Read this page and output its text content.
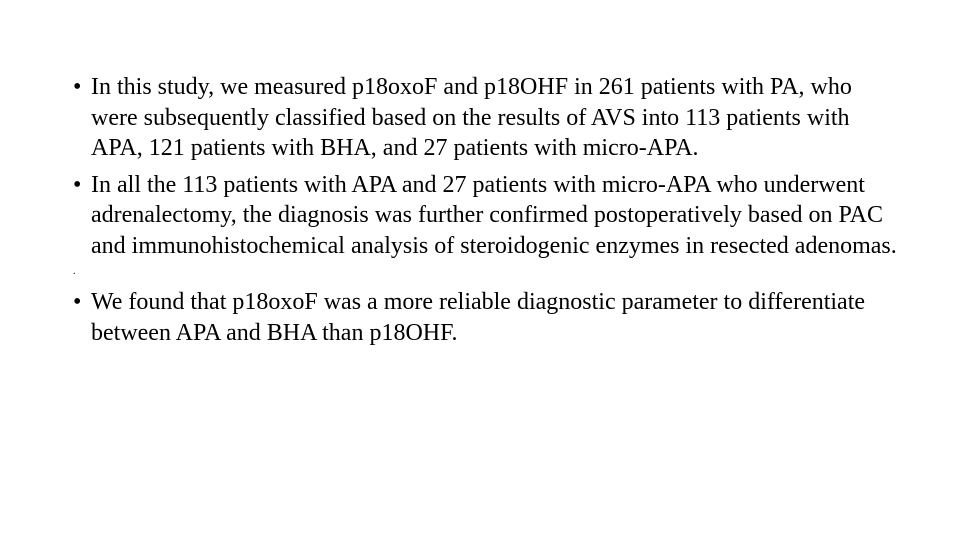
• In this study, we measured p18oxoF and p18OHF in 261 patients with PA, who were subsequently classified based on the results of AVS into 113 patients with APA, 121 patients with BHA, and 27 patients with micro-APA.
• In all the 113 patients with APA and 27 patients with micro-APA who underwent adrenalectomy, the diagnosis was further confirmed postoperatively based on PAC and immunohistochemical analysis of steroidogenic enzymes in resected adenomas.
.
• We found that p18oxoF was a more reliable diagnostic parameter to differentiate between APA and BHA than p18OHF.
